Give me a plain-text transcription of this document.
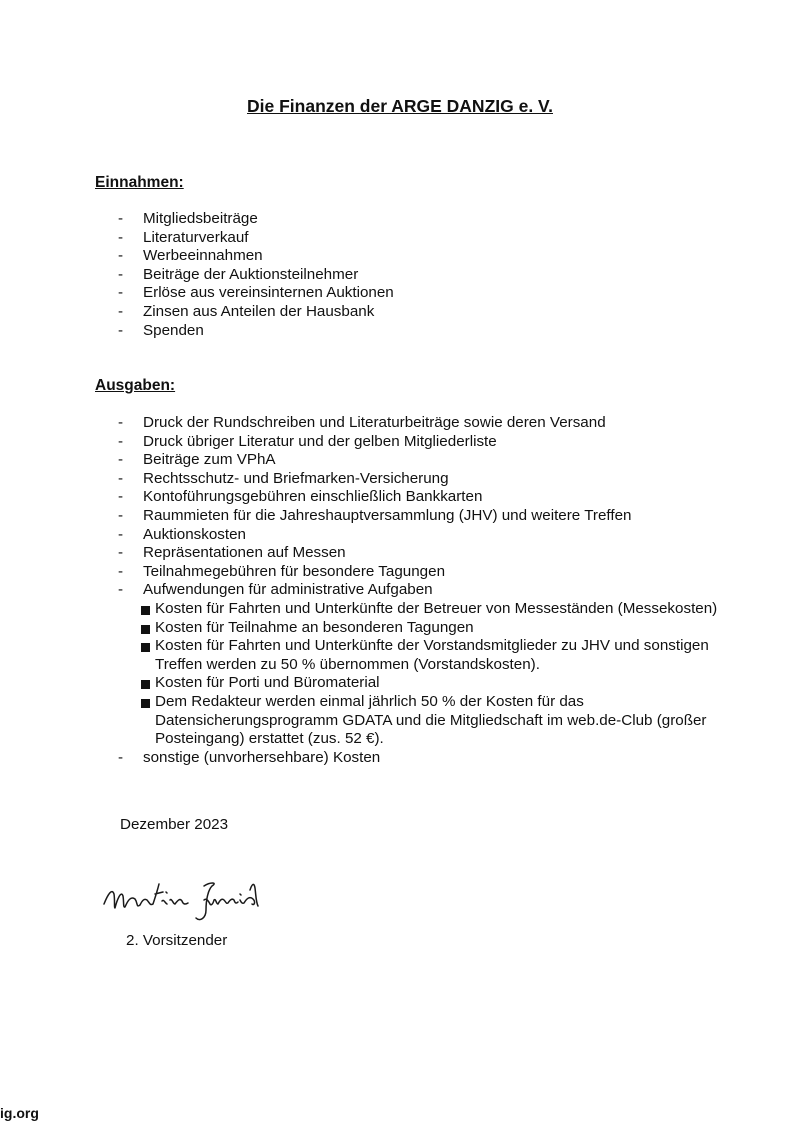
Die Finanzen der ARGE DANZIG e. V.
Einnahmen:
- Mitgliedsbeiträge
- Literaturverkauf
- Werbeeinnahmen
- Beiträge der Auktionsteilnehmer
- Erlöse aus vereinsinternen Auktionen
- Zinsen aus Anteilen der Hausbank
- Spenden
Ausgaben:
- Druck der Rundschreiben und Literaturbeiträge sowie deren Versand
- Druck übriger Literatur und der gelben Mitgliederliste
- Beiträge zum VPhA
- Rechtsschutz- und Briefmarken-Versicherung
- Kontoführungsgebühren einschließlich Bankkarten
- Raummieten für die Jahreshauptversammlung (JHV) und weitere Treffen
- Auktionskosten
- Repräsentationen auf Messen
- Teilnahmegebühren für besondere Tagungen
- Aufwendungen für administrative Aufgaben
Kosten für Fahrten und Unterkünfte der Betreuer von Messeständen (Messekosten)
Kosten für Teilnahme an besonderen Tagungen
Kosten für Fahrten und Unterkünfte der Vorstandsmitglieder zu JHV und sonstigen Treffen werden zu 50 % übernommen (Vorstandskosten).
Kosten für Porti und Büromaterial
Dem Redakteur werden einmal jährlich 50 % der Kosten für das Datensicherungsprogramm GDATA und die Mitgliedschaft im web.de-Club (großer Posteingang) erstattet (zus. 52 €).
- sonstige (unvorhersehbare) Kosten

Dezember 2023

2. Vorsitzender

ig.org
